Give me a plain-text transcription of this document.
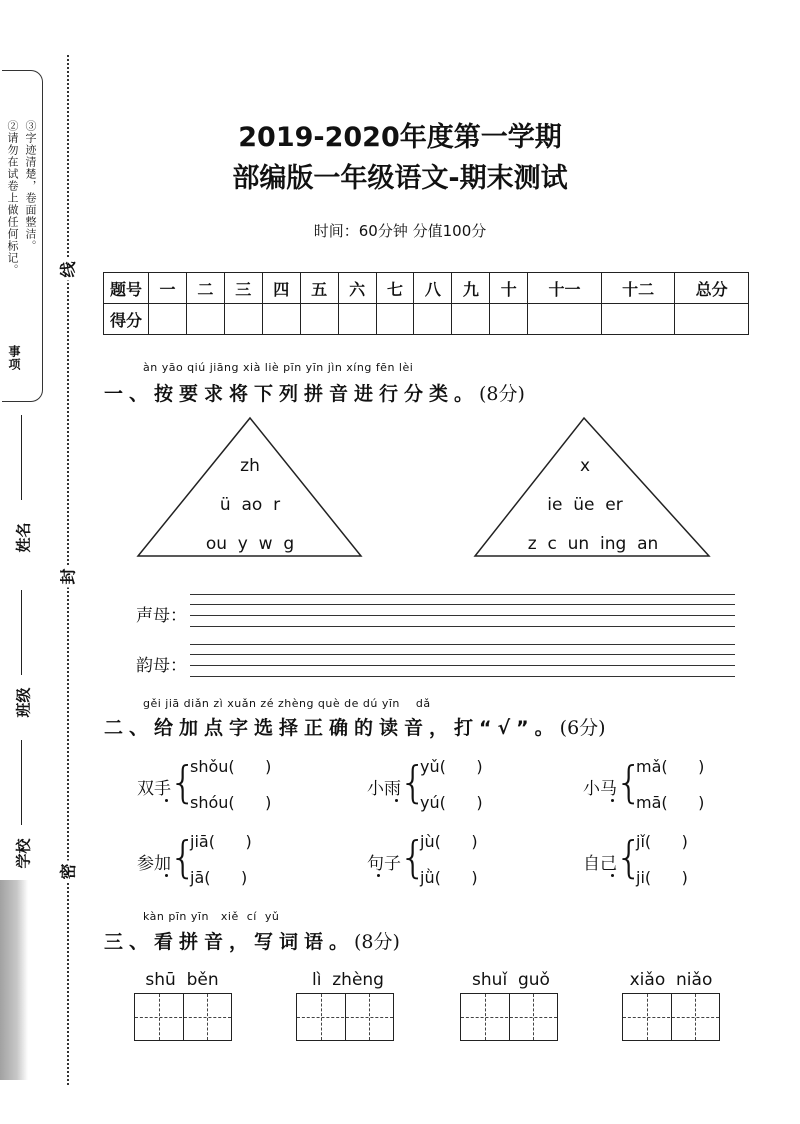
②请勿在试卷上做任何标记。 ③字迹清楚，卷面整洁。
事项
线
封
密
姓名
班级
学校
2019-2020年度第一学期
部编版一年级语文-期末测试
时间：60分钟 分值100分
题号	一	二	三	四	五	六	七	八	九	十	十一	十二	总分
得分													
àn yāo qiú jiāng xià liè pīn yīn jìn xíng fēn lèi
一、按要求将下列拼音进行分类。(8分)
zh
ü  ao  r
ou  y  w  g
x
ie  üe  er
z  c  un  ing  an
声母：
韵母：
gěi jiā diǎn zì xuǎn zé zhèng què de dú yīn    dǎ
二、给加点字选择正确的读音，打“√”。(6分)
双手
{
shǒu(      )
shóu(      )
小雨
{
yǔ(      )
yú(      )
小马
{
mǎ(      )
mā(      )
参加
{
jiā(      )
jā(      )
句子
{
jù(      )
jǜ(      )
自己
{
jǐ(      )
ji(      )
kàn pīn yīn   xiě  cí  yǔ
三、看拼音，写词语。(8分)
shū  běn	lì  zhèng	shuǐ  guǒ	xiǎo  niǎo
